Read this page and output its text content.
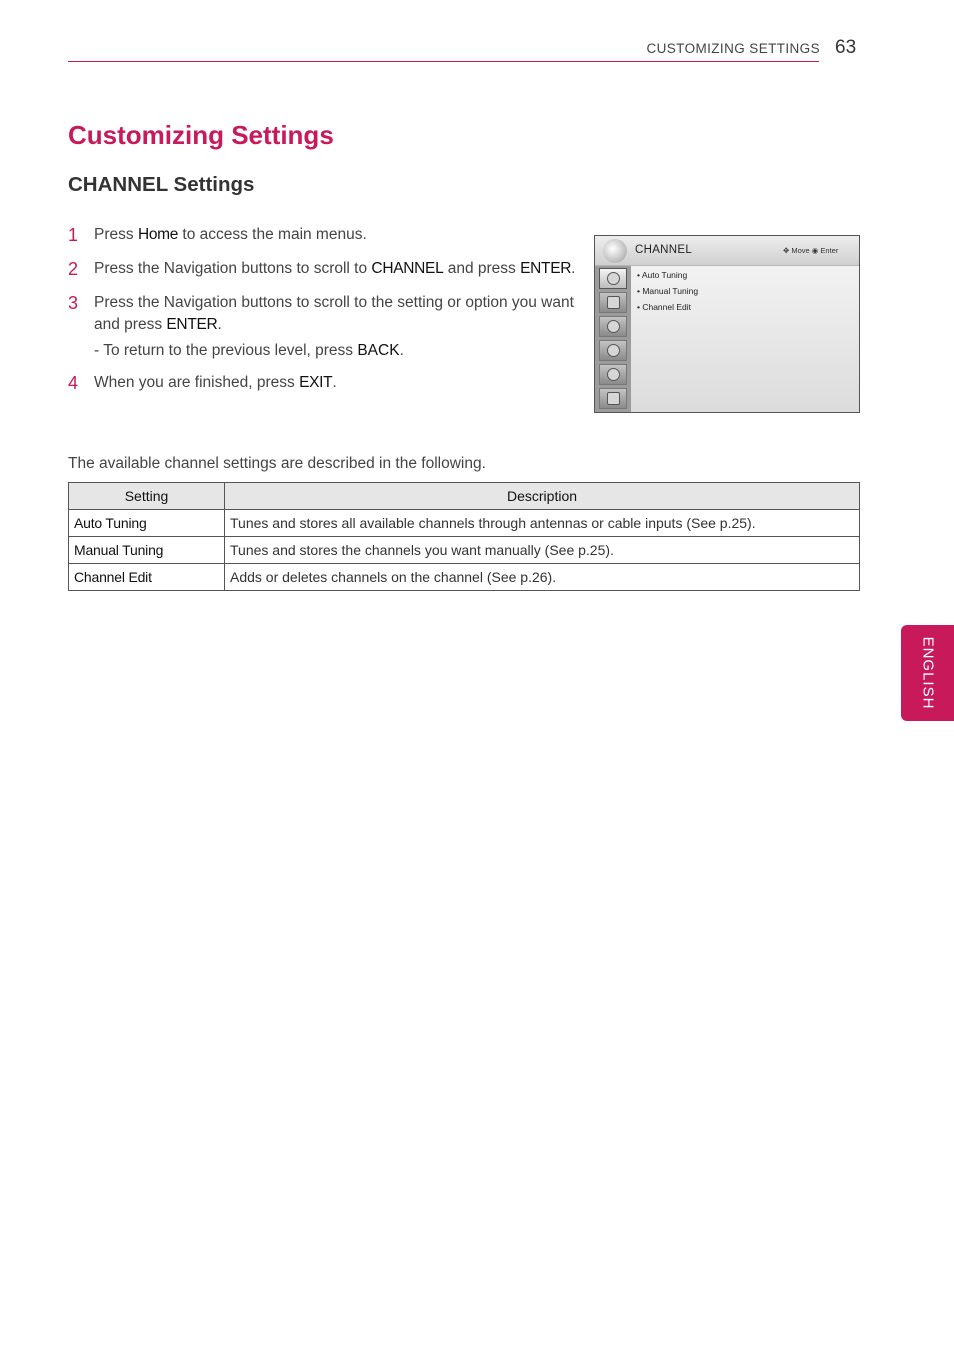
CUSTOMIZING SETTINGS 63
Customizing Settings
CHANNEL Settings
1 Press Home to access the main menus.
2 Press the Navigation buttons to scroll to CHANNEL and press ENTER.
3 Press the Navigation buttons to scroll to the setting or option you want and press ENTER.
- To return to the previous level, press BACK.
4 When you are finished, press EXIT.
CHANNEL	✥ Move ◉ Enter
• Auto Tuning
• Manual Tuning
• Channel Edit

The available channel settings are described in the following.

Setting	Description
Auto Tuning	Tunes and stores all available channels through antennas or cable inputs (See p.25).
Manual Tuning	Tunes and stores the channels you want manually (See p.25).
Channel Edit	Adds or deletes channels on the channel (See p.26).
ENGLISH
